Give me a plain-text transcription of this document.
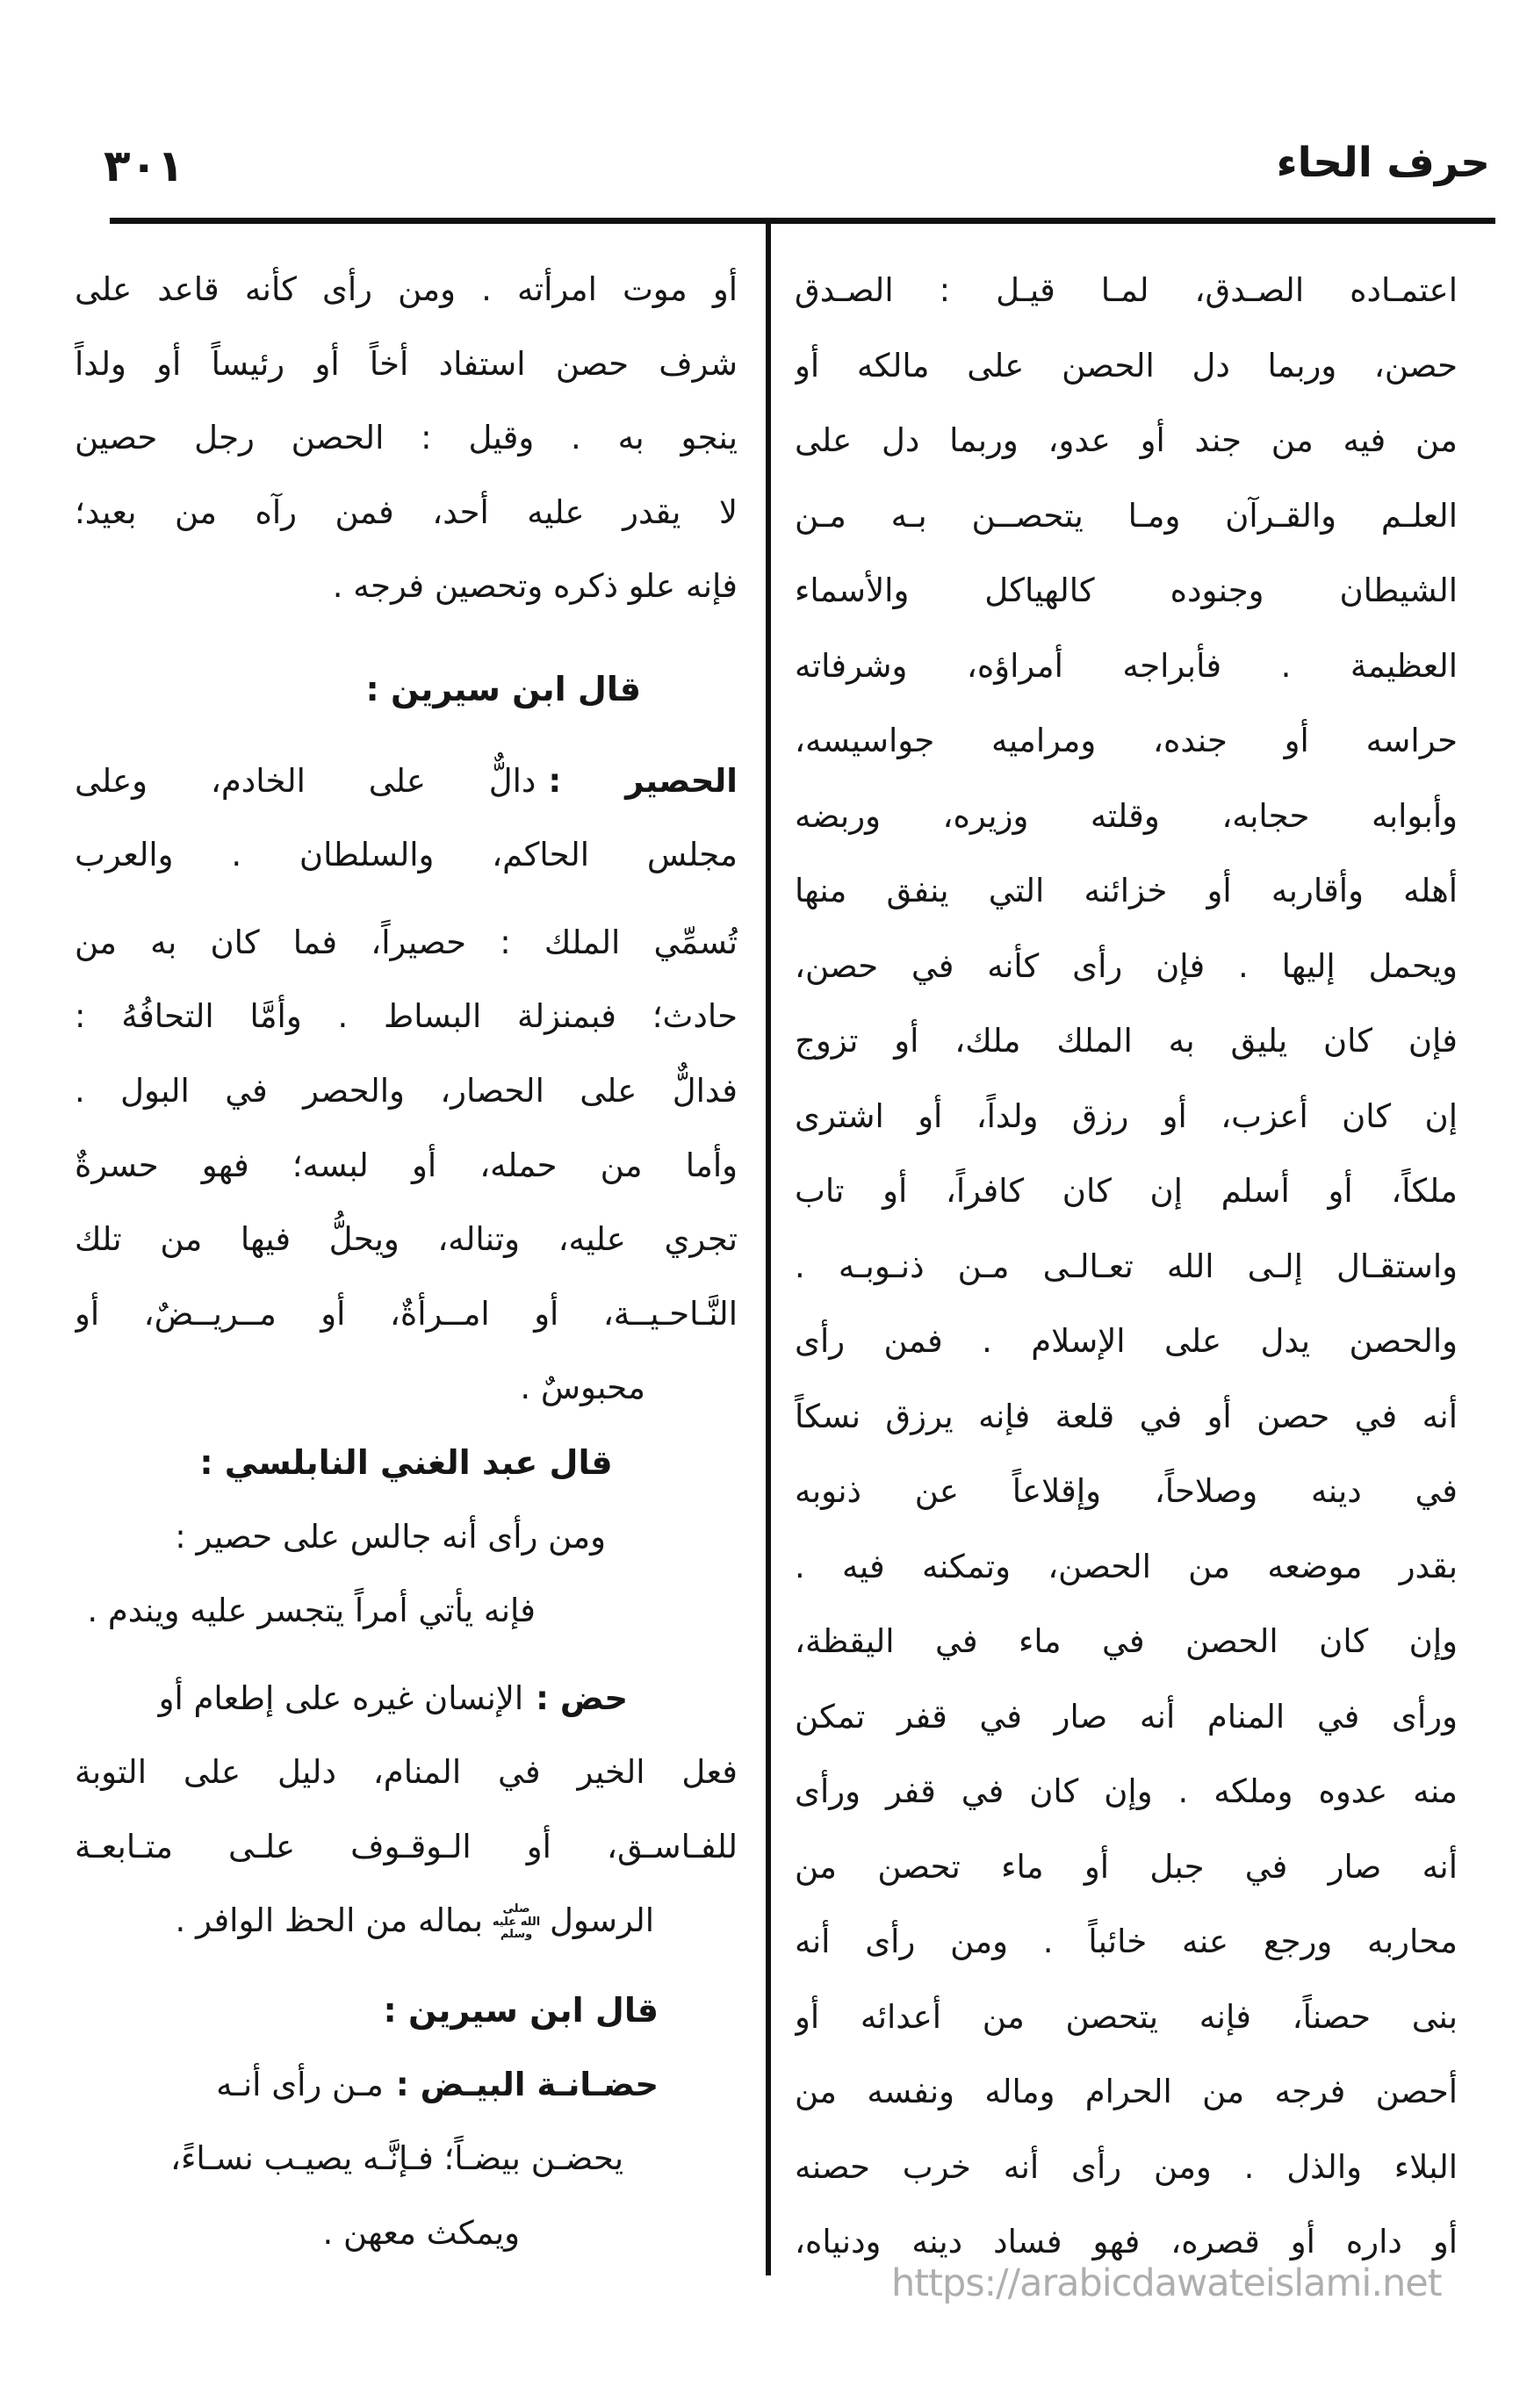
حرف الحاء
٣٠١
اعتمـاده الصـدق، لمـا قيـل : الصـدق
حصن، وربما دل الحصن على مالكه أو
من فيه من جند أو عدو، وربما دل على
العلـم والقـرآن ومـا يتحصــن بـه مـن
الشيطان وجنوده كالهياكل والأسماء
العظيمة . فأبراجه أمراؤه، وشرفاته
حراسه أو جنده، ومراميه جواسيسه،
وأبوابه حجابه، وقلته وزيره، وربضه
أهله وأقاربه أو خزائنه التي ينفق منها
ويحمل إليها . فإن رأى كأنه في حصن،
فإن كان يليق به الملك ملك، أو تزوج
إن كان أعزب، أو رزق ولداً، أو اشترى
ملكاً، أو أسلم إن كان كافراً، أو تاب
واستقـال إلـى الله تعـالـى مـن ذنـوبـه .
والحصن يدل على الإسلام . فمن رأى
أنه في حصن أو في قلعة فإنه يرزق نسكاً
في دينه وصلاحاً، وإقلاعاً عن ذنوبه
بقدر موضعه من الحصن، وتمكنه فيه .
وإن كان الحصن في ماء في اليقظة،
ورأى في المنام أنه صار في قفر تمكن
منه عدوه وملكه . وإن كان في قفر ورأى
أنه صار في جبل أو ماء تحصن من
محاربه ورجع عنه خائباً . ومن رأى أنه
بنى حصناً، فإنه يتحصن من أعدائه أو
أحصن فرجه من الحرام وماله ونفسه من
البلاء والذل . ومن رأى أنه خرب حصنه
أو داره أو قصره، فهو فساد دينه ودنياه،
أو موت امرأته . ومن رأى كأنه قاعد على
شرف حصن استفاد أخاً أو رئيساً أو ولداً
ينجو به . وقيل : الحصن رجل حصين
لا يقدر عليه أحد، فمن رآه من بعيد؛
فإنه علو ذكره وتحصين فرجه .
قال ابن سيرين :
الحصير :دالٌّ على الخادم، وعلى
مجلس الحاكم، والسلطان . والعرب
تُسمِّي الملك : حصيراً، فما كان به من
حادث؛ فبمنزلة البساط . وأمَّا التحافُهُ :
فدالٌّ على الحصار، والحصر في البول .
وأما من حمله، أو لبسه؛ فهو حسرةٌ
تجري عليه، وتناله، ويحلُّ فيها من تلك
النَّـاحـيــة، أو امــرأةٌ، أو مــريــضٌ، أو
محبوسٌ .
قال عبد الغني النابلسي :
ومن رأى أنه جالس على حصير :
فإنه يأتي أمراً يتجسر عليه ويندم .
حض :الإنسان غيره على إطعام أو
فعل الخير في المنام، دليل على التوبة
للفـاسـق، أو الـوقـوف علـى متـابعـة
الرسول
صلى
الله عليه
وسلم
بماله من الحظ الوافر .
قال ابن سيرين :
حضـانـة البيـض :مـن رأى أنـه
يحضـن بيضـاً؛ فـإنَّـه يصيـب نسـاءً،
ويمكث معهن .
https://arabicdawateislami.net
